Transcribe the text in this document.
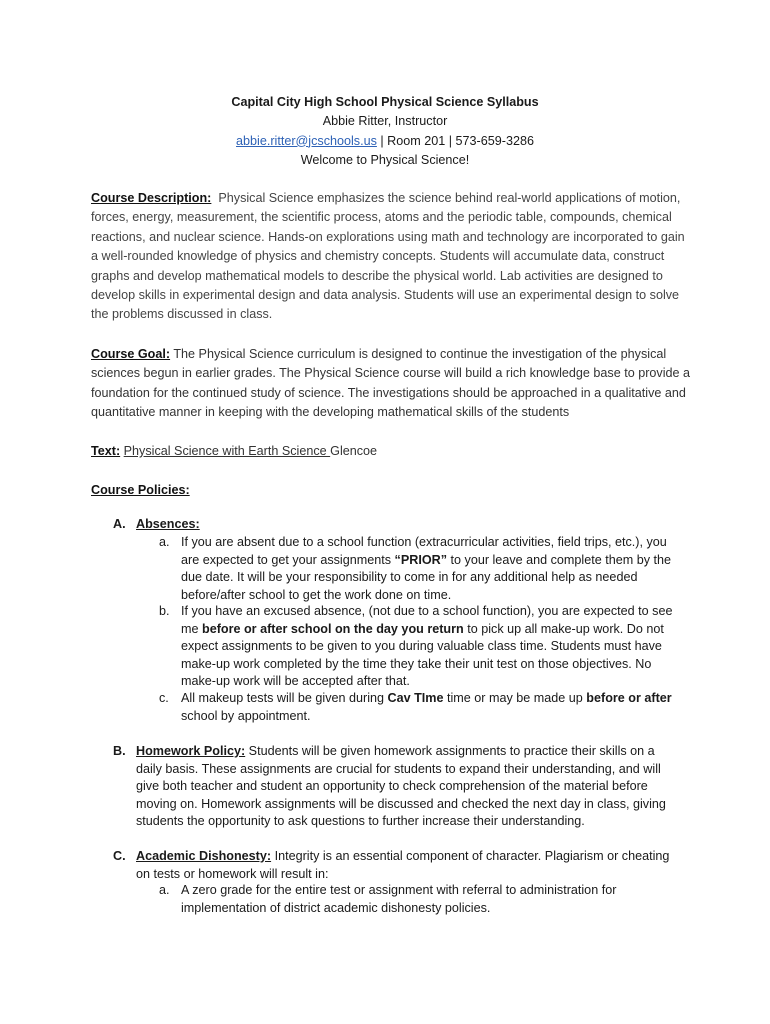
Capital City High School Physical Science Syllabus
Abbie Ritter, Instructor
abbie.ritter@jcschools.us | Room 201 | 573-659-3286
Welcome to Physical Science!
Course Description: Physical Science emphasizes the science behind real-world applications of motion, forces, energy, measurement, the scientific process, atoms and the periodic table, compounds, chemical reactions, and nuclear science. Hands-on explorations using math and technology are incorporated to gain a well-rounded knowledge of physics and chemistry concepts. Students will accumulate data, construct graphs and develop mathematical models to describe the physical world. Lab activities are designed to develop skills in experimental design and data analysis. Students will use an experimental design to solve the problems discussed in class.
Course Goal: The Physical Science curriculum is designed to continue the investigation of the physical sciences begun in earlier grades. The Physical Science course will build a rich knowledge base to provide a foundation for the continued study of science. The investigations should be approached in a qualitative and quantitative manner in keeping with the developing mathematical skills of the students
Text: Physical Science with Earth Science Glencoe
Course Policies:
A. Absences:
a. If you are absent due to a school function (extracurricular activities, field trips, etc.), you are expected to get your assignments “PRIOR” to your leave and complete them by the due date. It will be your responsibility to come in for any additional help as needed before/after school to get the work done on time.
b. If you have an excused absence, (not due to a school function), you are expected to see me before or after school on the day you return to pick up all make-up work. Do not expect assignments to be given to you during valuable class time. Students must have make-up work completed by the time they take their unit test on those objectives. No make-up work will be accepted after that.
c. All makeup tests will be given during Cav TIme time or may be made up before or after school by appointment.
B. Homework Policy: Students will be given homework assignments to practice their skills on a daily basis. These assignments are crucial for students to expand their understanding, and will give both teacher and student an opportunity to check comprehension of the material before moving on. Homework assignments will be discussed and checked the next day in class, giving students the opportunity to ask questions to further increase their understanding.
C. Academic Dishonesty: Integrity is an essential component of character. Plagiarism or cheating on tests or homework will result in:
a. A zero grade for the entire test or assignment with referral to administration for implementation of district academic dishonesty policies.
